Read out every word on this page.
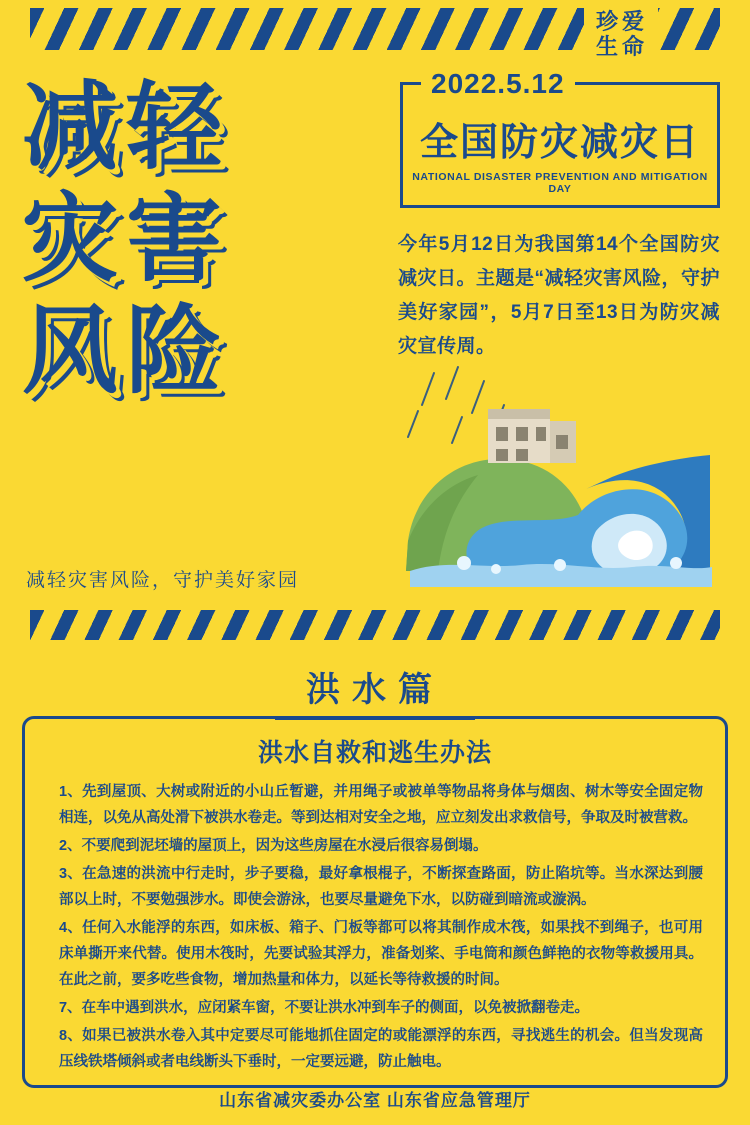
珍爱
生命
减轻
灾害
风险
减轻灾害风险，守护美好家园
2022.5.12
全国防灾减灾日
NATIONAL DISASTER PREVENTION AND MITIGATION DAY
今年5月12日为我国第14个全国防灾减灾日。主题是“减轻灾害风险，守护美好家园”，5月7日至13日为防灾减灾宣传周。
洪水篇
洪水自救和逃生办法

1、先到屋顶、大树或附近的小山丘暂避，并用绳子或被单等物品将身体与烟囱、树木等安全固定物相连，以免从高处滑下被洪水卷走。等到达相对安全之地，应立刻发出求救信号，争取及时被营救。

2、不要爬到泥坯墙的屋顶上，因为这些房屋在水浸后很容易倒塌。

3、在急速的洪流中行走时，步子要稳，最好拿根棍子，不断探查路面，防止陷坑等。当水深达到腰部以上时，不要勉强涉水。即使会游泳，也要尽量避免下水，以防碰到暗流或漩涡。

4、任何入水能浮的东西，如床板、箱子、门板等都可以将其制作成木筏，如果找不到绳子，也可用床单撕开来代替。使用木筏时，先要试验其浮力，准备划桨、手电筒和颜色鲜艳的衣物等救援用具。在此之前，要多吃些食物，增加热量和体力，以延长等待救援的时间。

7、在车中遇到洪水，应闭紧车窗，不要让洪水冲到车子的侧面，以免被掀翻卷走。

8、如果已被洪水卷入其中定要尽可能地抓住固定的或能漂浮的东西，寻找逃生的机会。但当发现高压线铁塔倾斜或者电线断头下垂时，一定要远避，防止触电。

山东省减灾委办公室 山东省应急管理厅
